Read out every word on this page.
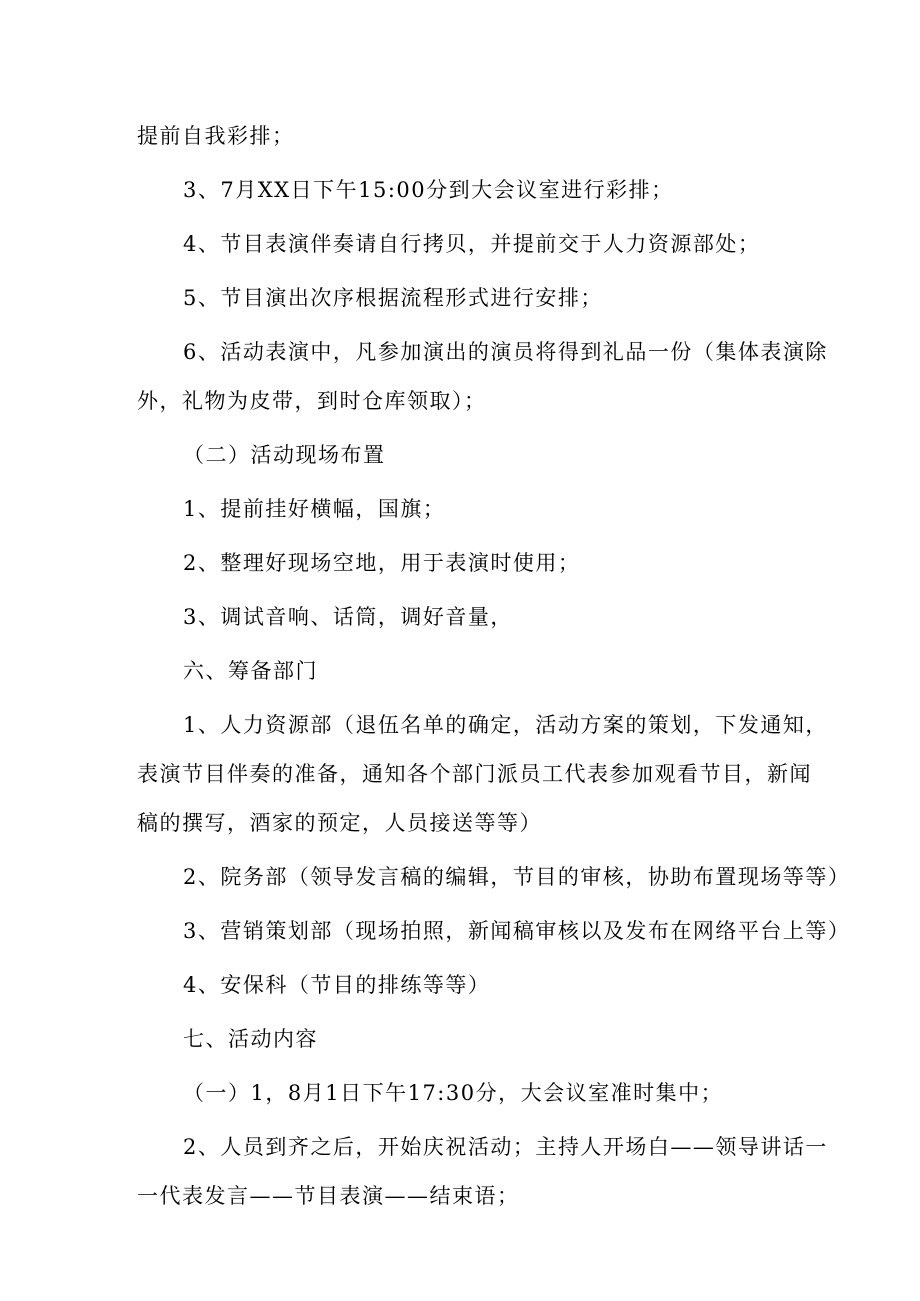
提前自我彩排；

3、7月XX日下午15:00分到大会议室进行彩排；

4、节目表演伴奏请自行拷贝，并提前交于人力资源部处；

5、节目演出次序根据流程形式进行安排；

6、活动表演中，凡参加演出的演员将得到礼品一份（集体表演除

外，礼物为皮带，到时仓库领取）；

（二）活动现场布置

1、提前挂好横幅，国旗；

2、整理好现场空地，用于表演时使用；

3、调试音响、话筒，调好音量，

六、筹备部门

1、人力资源部（退伍名单的确定，活动方案的策划，下发通知，

表演节目伴奏的准备，通知各个部门派员工代表参加观看节目，新闻

稿的撰写，酒家的预定，人员接送等等）

2、院务部（领导发言稿的编辑，节目的审核，协助布置现场等等）

3、营销策划部（现场拍照，新闻稿审核以及发布在网络平台上等）

4、安保科（节目的排练等等）

七、活动内容

（一）1，8月1日下午17:30分，大会议室准时集中；

2、人员到齐之后，开始庆祝活动；主持人开场白——领导讲话一

一代表发言——节目表演——结束语；
